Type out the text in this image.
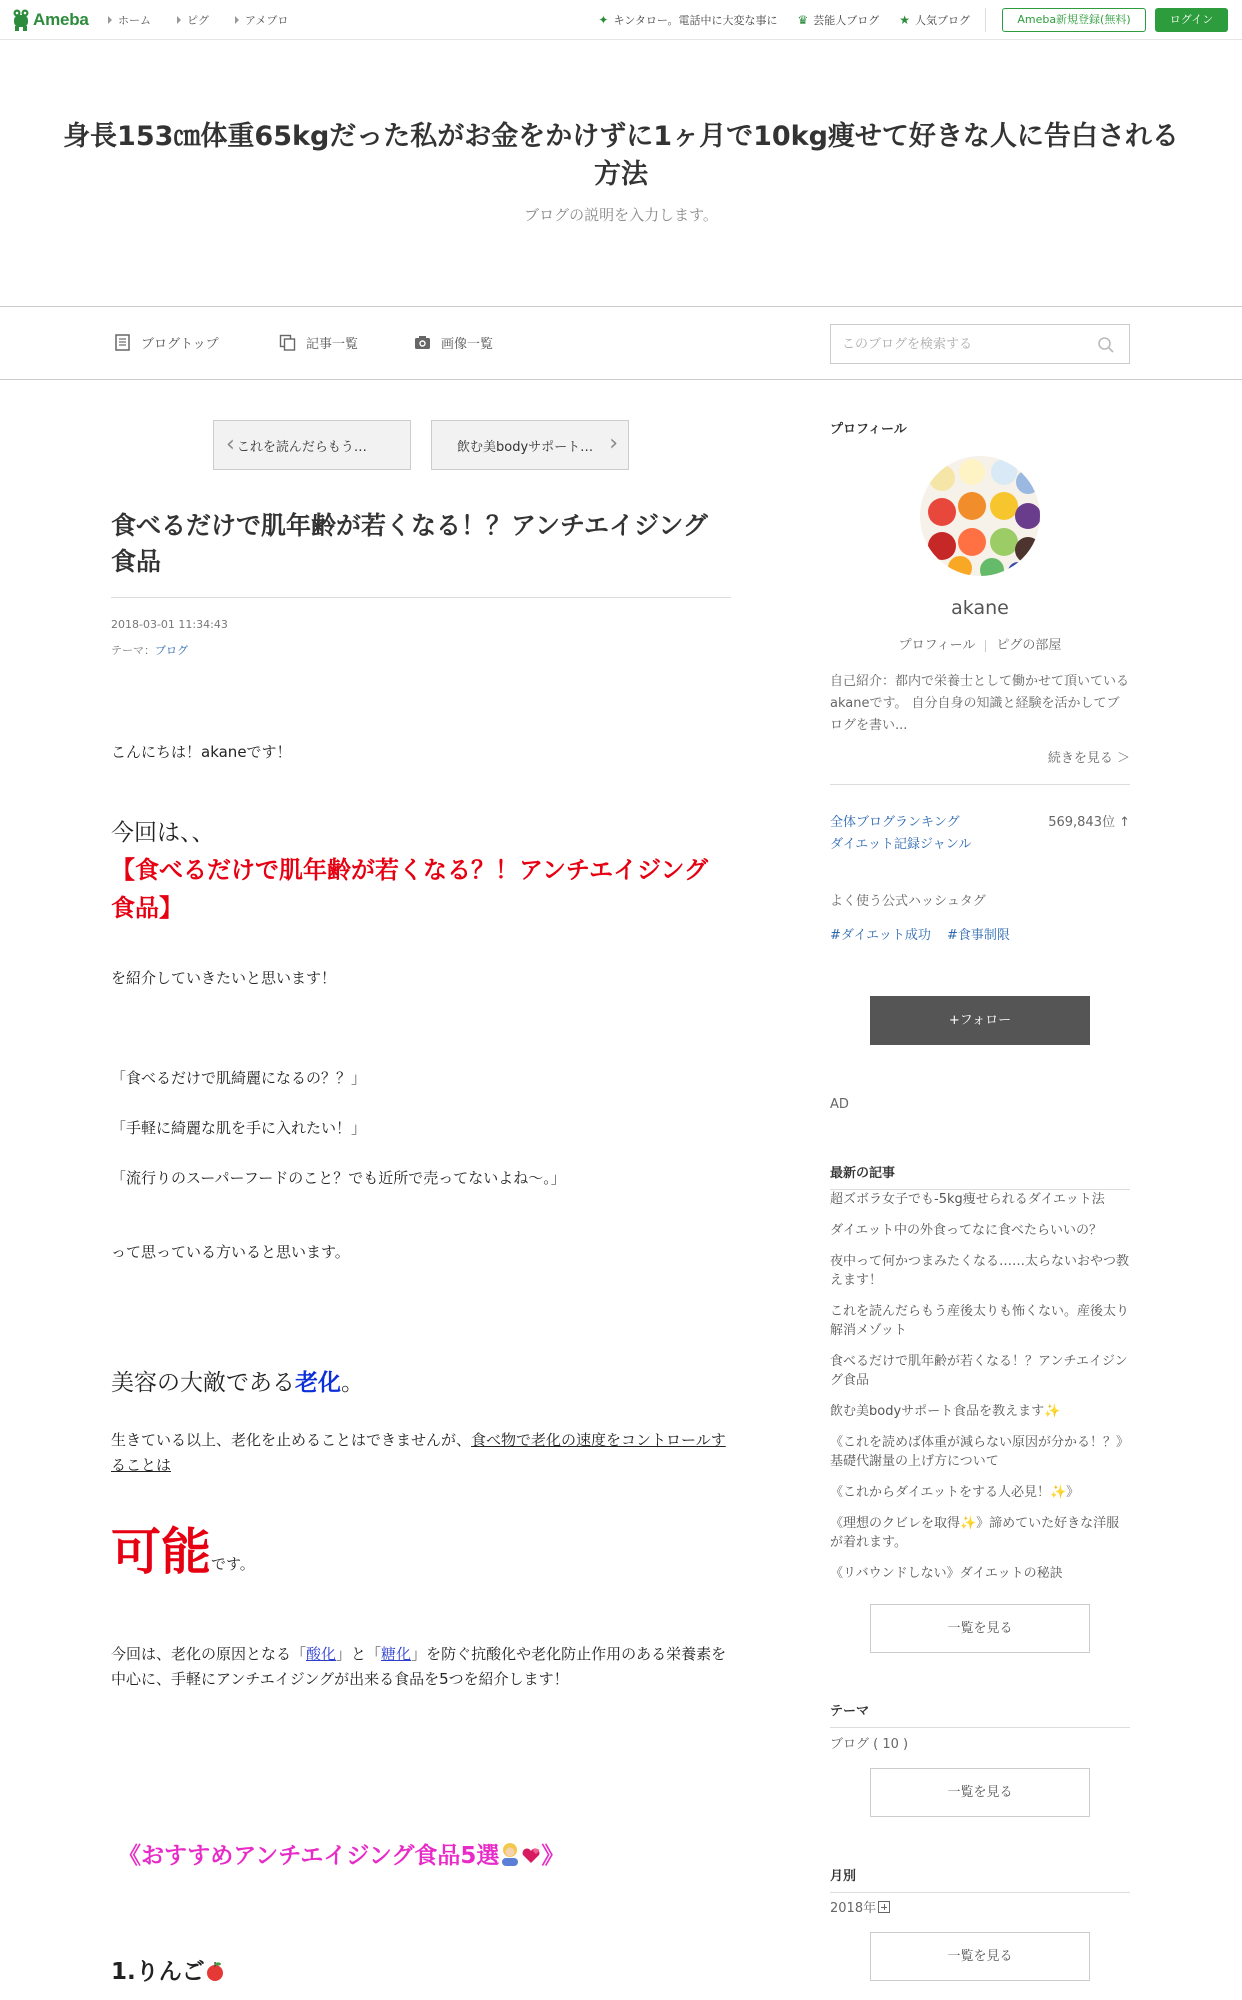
Ameba	ホーム	ピグ	アメブロ	✦ キンタロー。電話中に大変な事に ♛ 芸能人ブログ ★ 人気ブログ	Ameba新規登録(無料)	ログイン
身長153㎝体重65kgだった私がお金をかけずに1ヶ月で10kg痩せて好きな人に告白される方法
ブログの説明を入力します。
ブログトップ	記事一覧	画像一覧
このブログを検索する
‹ これを読んだらもう…	飲む美bodyサポート… ›
食べるだけで肌年齢が若くなる！？アンチエイジング食品
2018-03-01 11:34:43
テーマ：ブログ
こんにちは！akaneです！
今回は、、
【食べるだけで肌年齢が若くなる？！アンチエイジング食品】
を紹介していきたいと思います！
「食べるだけで肌綺麗になるの？？」
「手軽に綺麗な肌を手に入れたい！」
「流行りのスーパーフードのこと？でも近所で売ってないよね〜。」
って思っている方いると思います。
美容の大敵である老化。
生きている以上、老化を止めることはできませんが、食べ物で老化の速度をコントロールすることは
可能です。
今回は、老化の原因となる「酸化」と「糖化」を防ぐ抗酸化や老化防止作用のある栄養素を中心に、手軽にアンチエイジングが出来る食品を5つを紹介します！
《おすすめアンチエイジング食品5選 》
1.りんご
プロフィール
akane
プロフィール ピグの部屋
自己紹介：都内で栄養士として働かせて頂いているakaneです。 自分自身の知識と経験を活かしてブログを書い...
続きを見る ＞
全体ブログランキング
ダイエット記録ジャンル
569,843位 ↑
よく使う公式ハッシュタグ
#ダイエット成功 #食事制限
+フォロー
AD
最新の記事
超ズボラ女子でも-5kg痩せられるダイエット法
ダイエット中の外食ってなに食べたらいいの？
夜中って何かつまみたくなる……太らないおやつ教えます！
これを読んだらもう産後太りも怖くない。産後太り解消メゾット
食べるだけで肌年齢が若くなる！？アンチエイジング食品
飲む美bodyサポート食品を教えます✨
《これを読めば体重が減らない原因が分かる！？》基礎代謝量の上げ方について
《これからダイエットをする人必見！✨》
《理想のクビレを取得✨》諦めていた好きな洋服が着れます。
《リバウンドしない》ダイエットの秘訣
一覧を見る
テーマ
ブログ ( 10 )
一覧を見る
月別
2018年
一覧を見る
